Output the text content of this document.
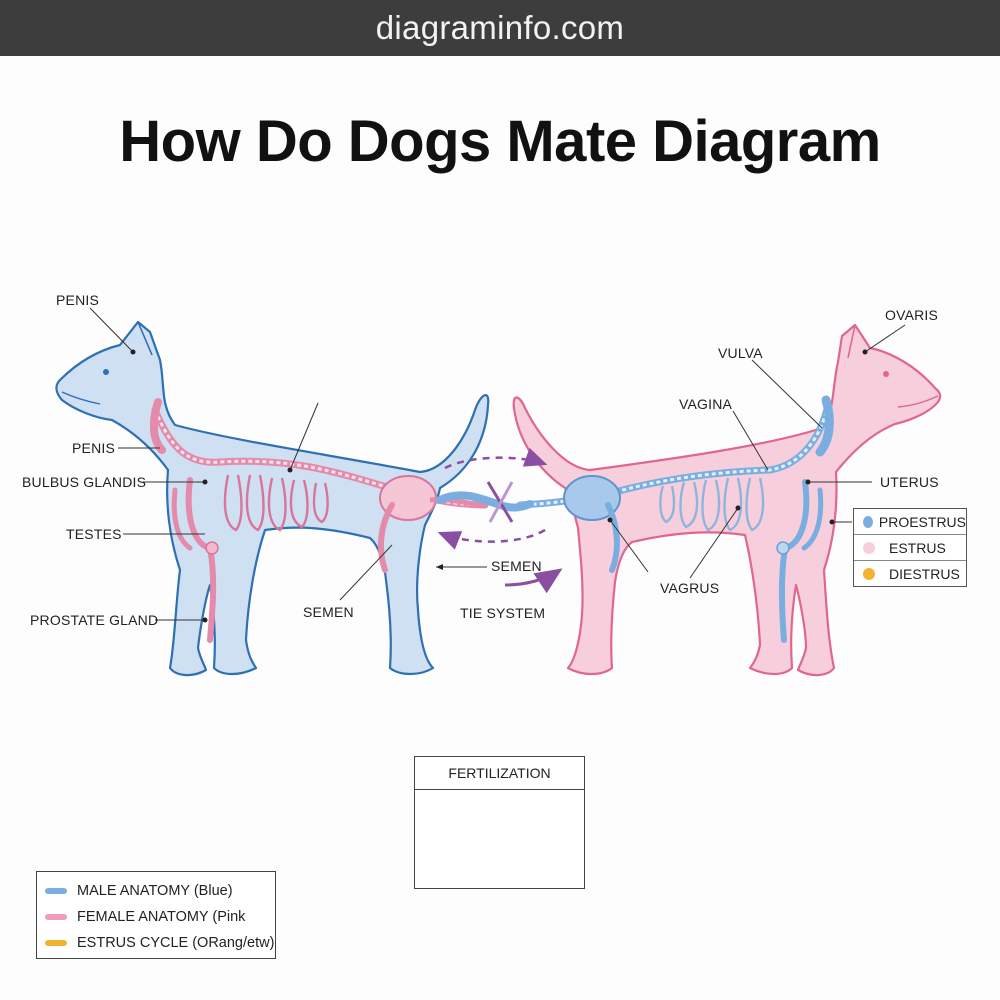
diagraminfo.com
How Do Dogs Mate Diagram
PENIS
PENIS
BULBUS GLANDIS
TESTES
PROSTATE GLAND	SEMEN
SEMEN
TIE SYSTEM
OVARIS
VULVA
VAGINA
UTERUS
VAGRUS
PROESTRUS
ESTRUS
DIESTRUS
FERTILIZATION
MALE ANATOMY (Blue)
FEMALE ANATOMY (Pink
ESTRUS CYCLE (ORang/etw)
